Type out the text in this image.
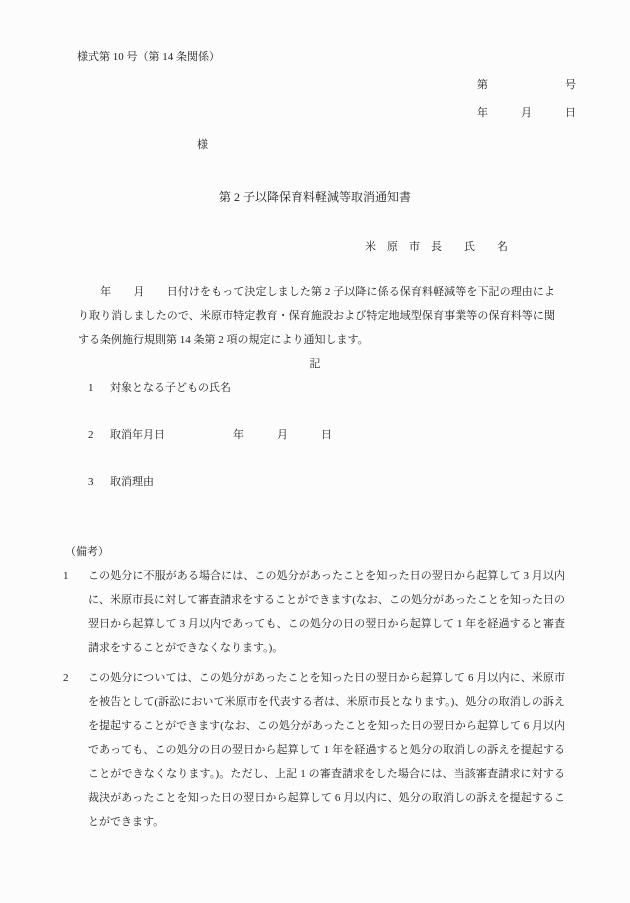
様式第 10 号（第 14 条関係）
第　　　　　　　号
年　　　月　　　日
様
第 2 子以降保育料軽減等取消通知書
米　原　市　長　　氏　　名
　　年　　月　　日付けをもって決定しました第 2 子以降に係る保育料軽減等を下記の理由により取り消しましたので、米原市特定教育・保育施設および特定地域型保育事業等の保育料等に関する条例施行規則第 14 条第 2 項の規定により通知します。
記
1 対象となる子どもの氏名
2 取消年月日	年　　　月　　　日
3 取消理由
（備考）
1	この処分に不服がある場合には、この処分があったことを知った日の翌日から起算して 3 月以内に、米原市長に対して審査請求をすることができます(なお、この処分があったことを知った日の翌日から起算して 3 月以内であっても、この処分の日の翌日から起算して 1 年を経過すると審査請求をすることができなくなります。)。
2	この処分については、この処分があったことを知った日の翌日から起算して 6 月以内に、米原市を被告として(訴訟において米原市を代表する者は、米原市長となります。)、処分の取消しの訴えを提起することができます(なお、この処分があったことを知った日の翌日から起算して 6 月以内であっても、この処分の日の翌日から起算して 1 年を経過すると処分の取消しの訴えを提起することができなくなります。)。ただし、上記 1 の審査請求をした場合には、当該審査請求に対する裁決があったことを知った日の翌日から起算して 6 月以内に、処分の取消しの訴えを提起することができます。
